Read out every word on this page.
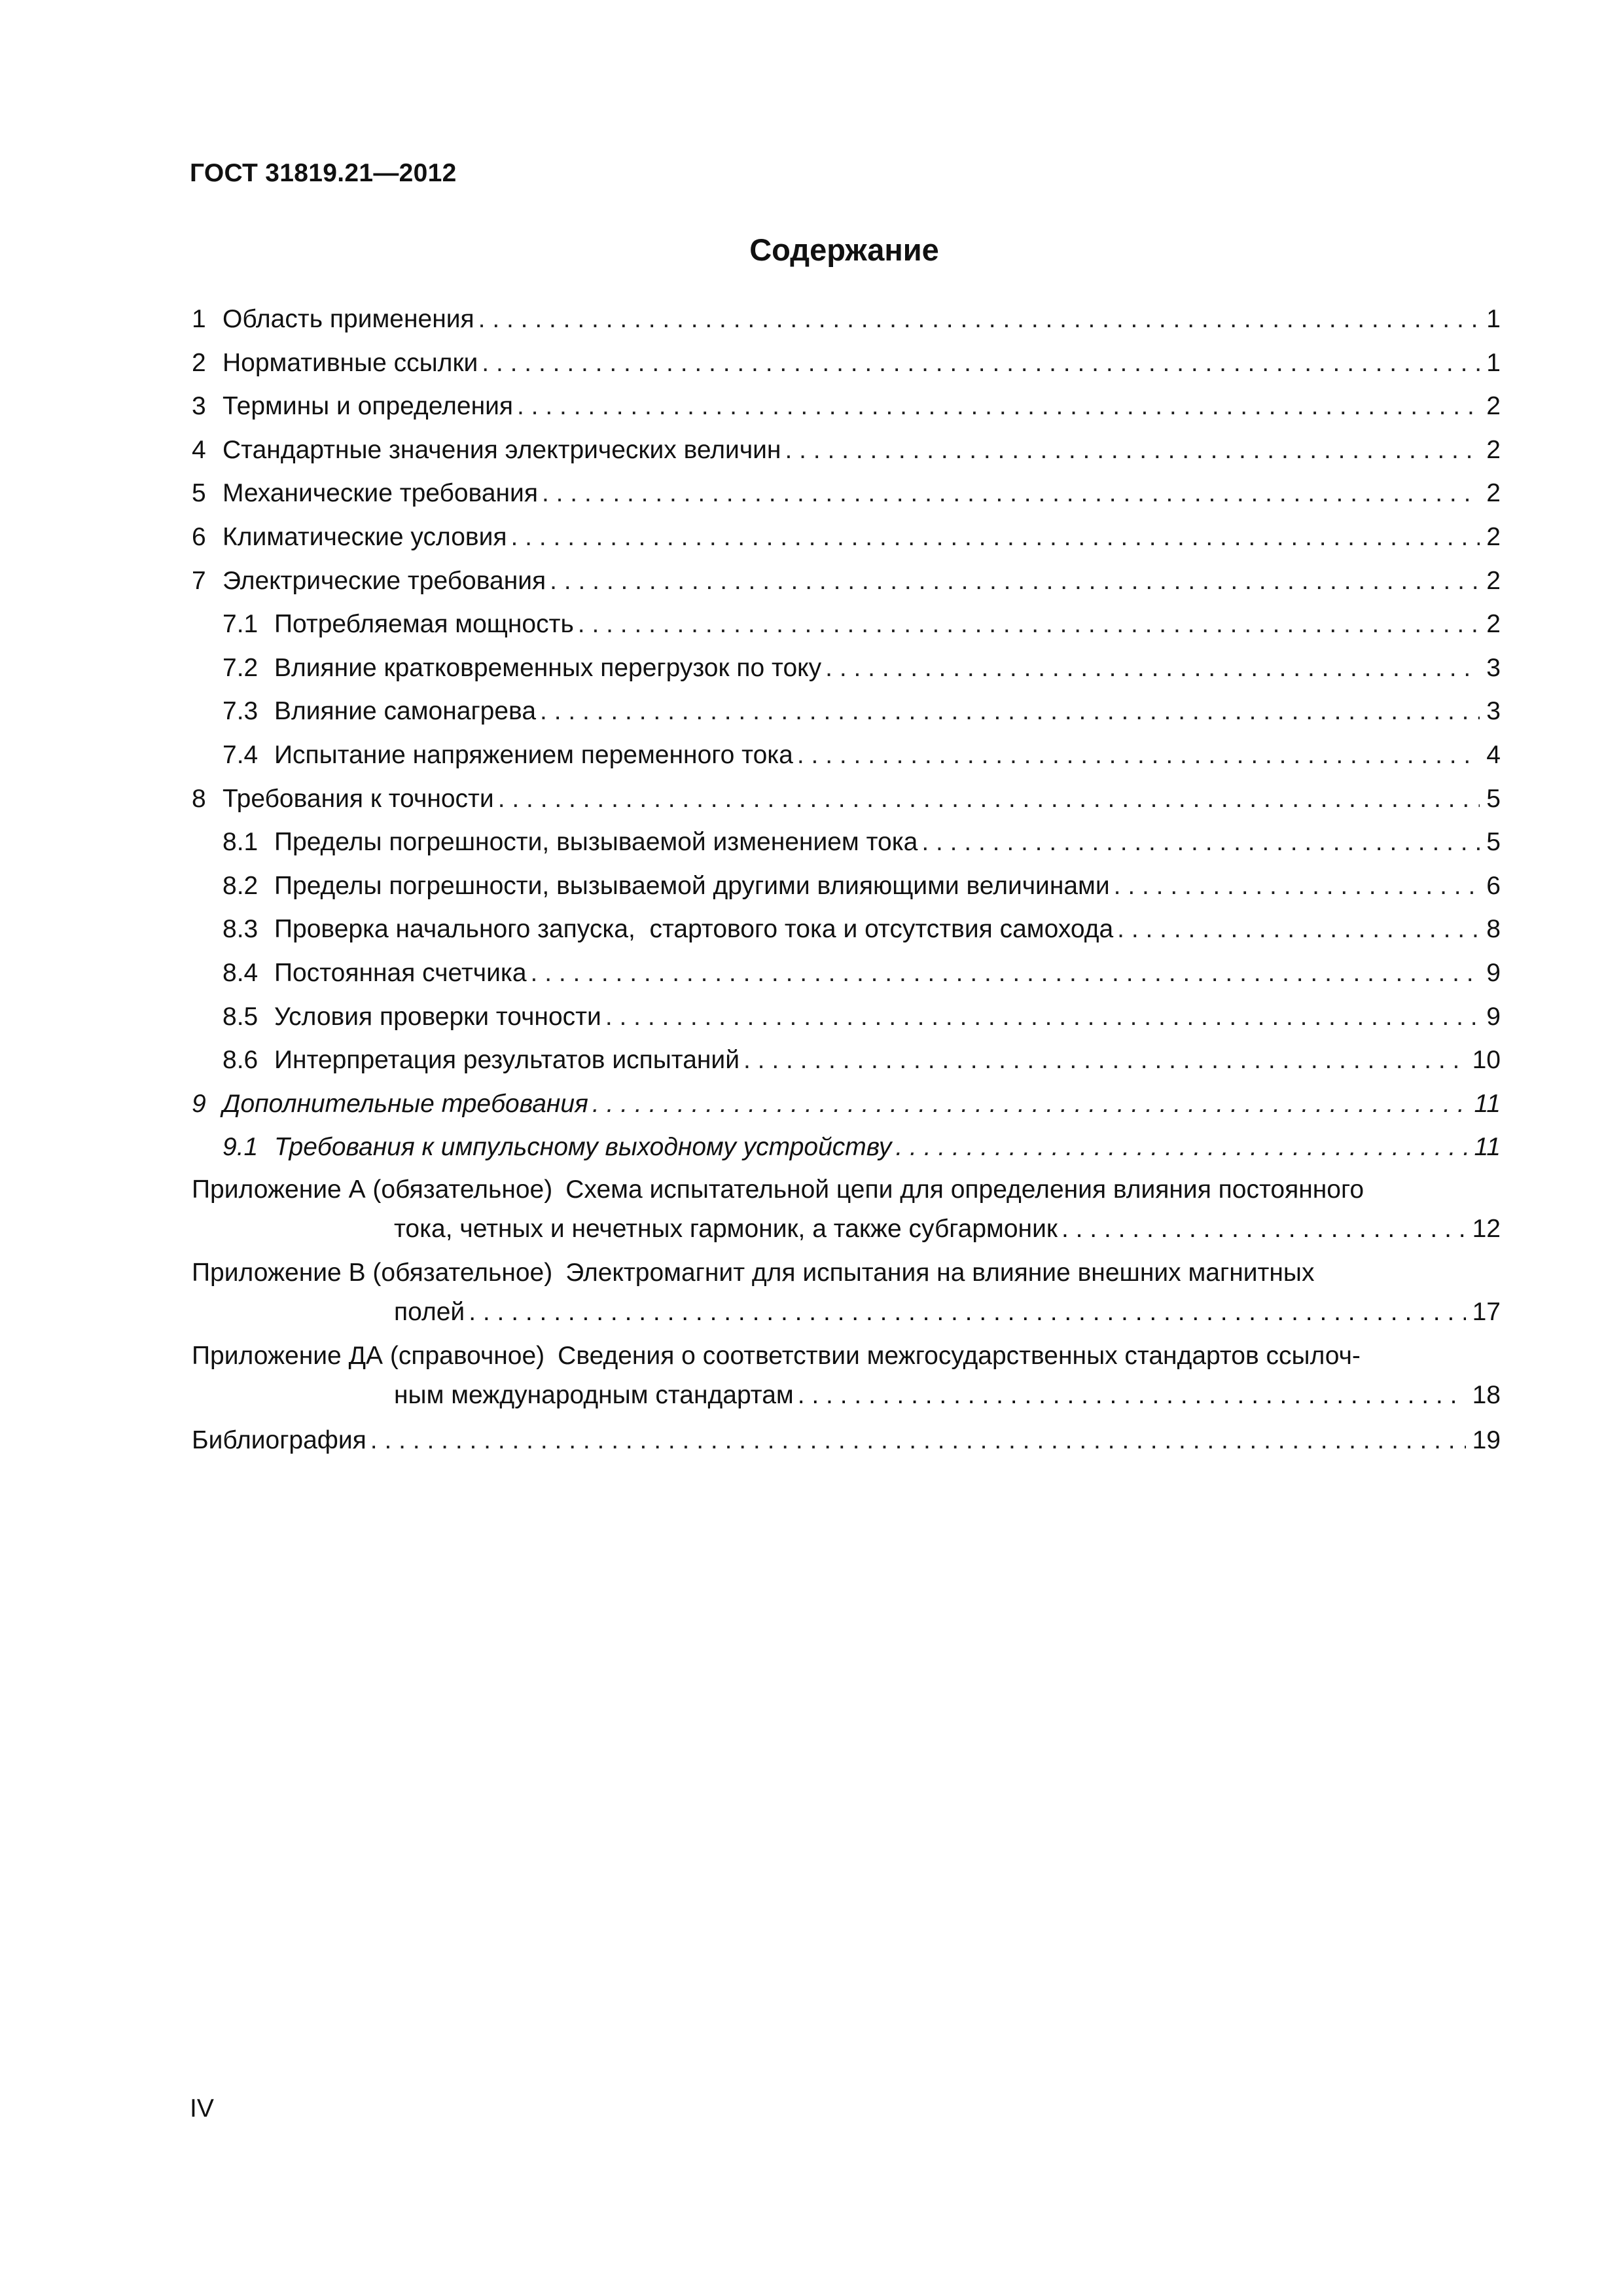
ГОСТ 31819.21—2012
Содержание
1 Область применения . . .	1
2 Нормативные ссылки . . .	1
3 Термины и определения . . .	2
4 Стандартные значения электрических величин . . .	2
5 Механические требования . . .	2
6 Климатические условия . . .	2
7 Электрические требования . . .	2
7.1 Потребляемая мощность . . .	2
7.2 Влияние кратковременных перегрузок по току . . .	3
7.3 Влияние самонагрева . . .	3
7.4 Испытание напряжением переменного тока . . .	4
8 Требования к точности . . .	5
8.1 Пределы погрешности, вызываемой изменением тока . . .	5
8.2 Пределы погрешности, вызываемой другими влияющими величинами . . .	6
8.3 Проверка начального запуска,  стартового тока и отсутствия самохода . . .	8
8.4 Постоянная счетчика . . .	9
8.5 Условия проверки точности . . .	9
8.6 Интерпретация результатов испытаний . . .	10
9 Дополнительные требования . . .	11
9.1 Требования к импульсному выходному устройству . . .	11
Приложение А (обязательное) Схема испытательной цепи для определения влияния постоянного
тока, четных и нечетных гармоник, а также субгармоник . . .	12
Приложение В (обязательное) Электромагнит для испытания на влияние внешних магнитных
полей . . .	17
Приложение ДА (справочное) Сведения о соответствии межгосударственных стандартов ссылоч-
ным международным стандартам . . .	18
Библиография . . .	19
IV
